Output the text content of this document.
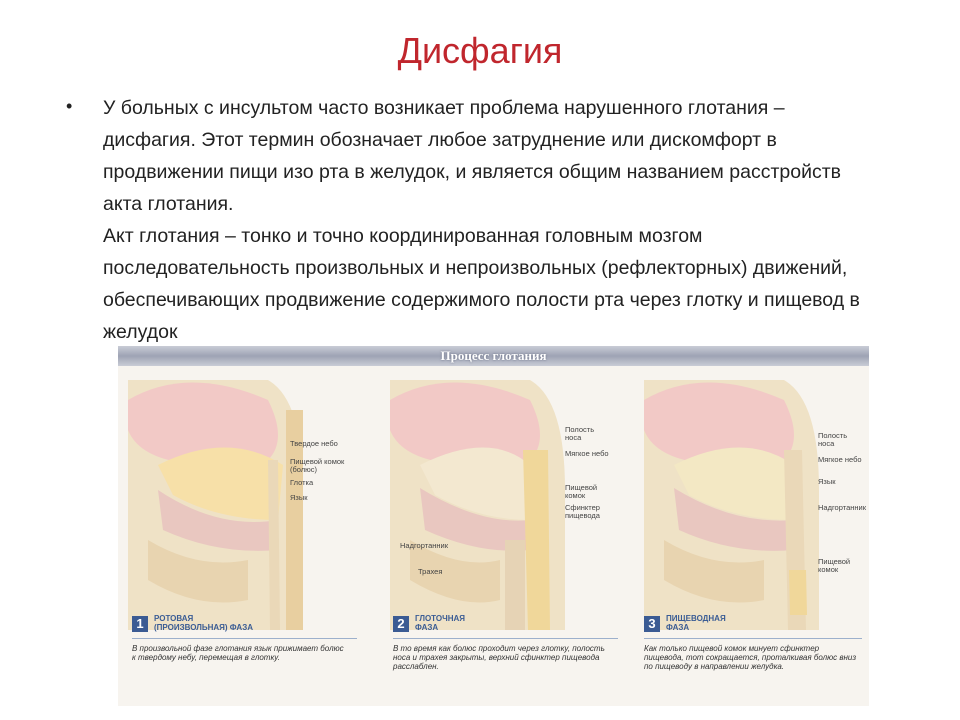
Дисфагия
• У больных с инсультом часто возникает проблема нарушенного глотания – дисфагия. Этот термин обозначает любое затруднение или дискомфорт в продвижении пищи изо рта в желудок, и является общим названием расстройств акта глотания.

Акт глотания – тонко и точно координированная головным мозгом последовательность произвольных и непроизвольных (рефлекторных) движений, обеспечивающих продвижение содержимого полости рта через глотку и пищевод в желудок

Процесс глотания
Твердое небо
Пищевой комок (болюс)
Глотка
Язык
Полость носа
Мягкое небо
Пищевой комок
Сфинктер пищевода
Надгортанник
Трахея
Полость носа
Мягкое небо
Язык
Надгортанник
Пищевой комок
1	РОТОВАЯ
(ПРОИЗВОЛЬНАЯ) ФАЗА
В произвольной фазе глотания язык прижимает болюс к твердому небу, перемещая в глотку.
2	ГЛОТОЧНАЯ
ФАЗА
В то время как болюс проходит через глотку, полость носа и трахея закрыты, верхний сфинктер пищевода расслаблен.
3	ПИЩЕВОДНАЯ
ФАЗА
Как только пищевой комок минует сфинктер пищевода, тот сокращается, проталкивая болюс вниз по пищеводу в направлении желудка.
